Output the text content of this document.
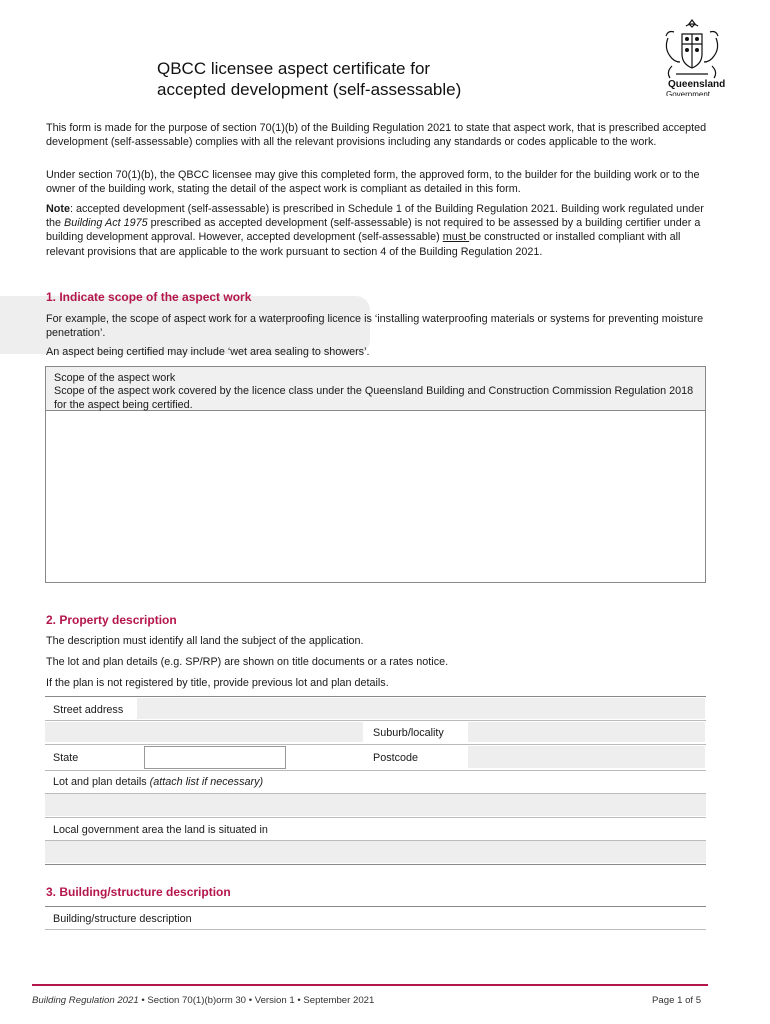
QBCC licensee aspect certificate for
accepted development (self-assessable)	Queensland
Government
This form is made for the purpose of section 70(1)(b) of the Building Regulation 2021 to state that aspect work, that is prescribed accepted development (self-assessable) complies with all the relevant provisions including any standards or codes applicable to the work.
Under section 70(1)(b), the QBCC licensee may give this completed form, the approved form, to the builder for the building work or to the owner of the building work, stating the detail of the aspect work is compliant as detailed in this form.
Note: accepted development (self-assessable) is prescribed in Schedule 1 of the Building Regulation 2021. Building work regulated under the Building Act 1975 prescribed as accepted development (self-assessable) is not required to be assessed by a building certifier under a building development approval. However, accepted development (self-assessable) must be constructed or installed compliant with all relevant provisions that are applicable to the work pursuant to section 4 of the Building Regulation 2021.
1. Indicate scope of the aspect work
For example, the scope of aspect work for a waterproofing licence is ‘installing waterproofing materials or systems for preventing moisture penetration’.
An aspect being certified may include ‘wet area sealing to showers’.
Scope of the aspect work
Scope of the aspect work covered by the licence class under the Queensland Building and Construction Commission Regulation 2018 for the aspect being certified.
2. Property description
The description must identify all land the subject of the application.
The lot and plan details (e.g. SP/RP) are shown on title documents or a rates notice.
If the plan is not registered by title, provide previous lot and plan details.
Street address
Suburb/locality
State	Postcode
Lot and plan details (attach list if necessary)
Local government area the land is situated in
3. Building/structure description
Building/structure description
Building Regulation 2021 • Section 70(1)(b)orm 30 • Version 1 • September 2021	Page 1 of 5
